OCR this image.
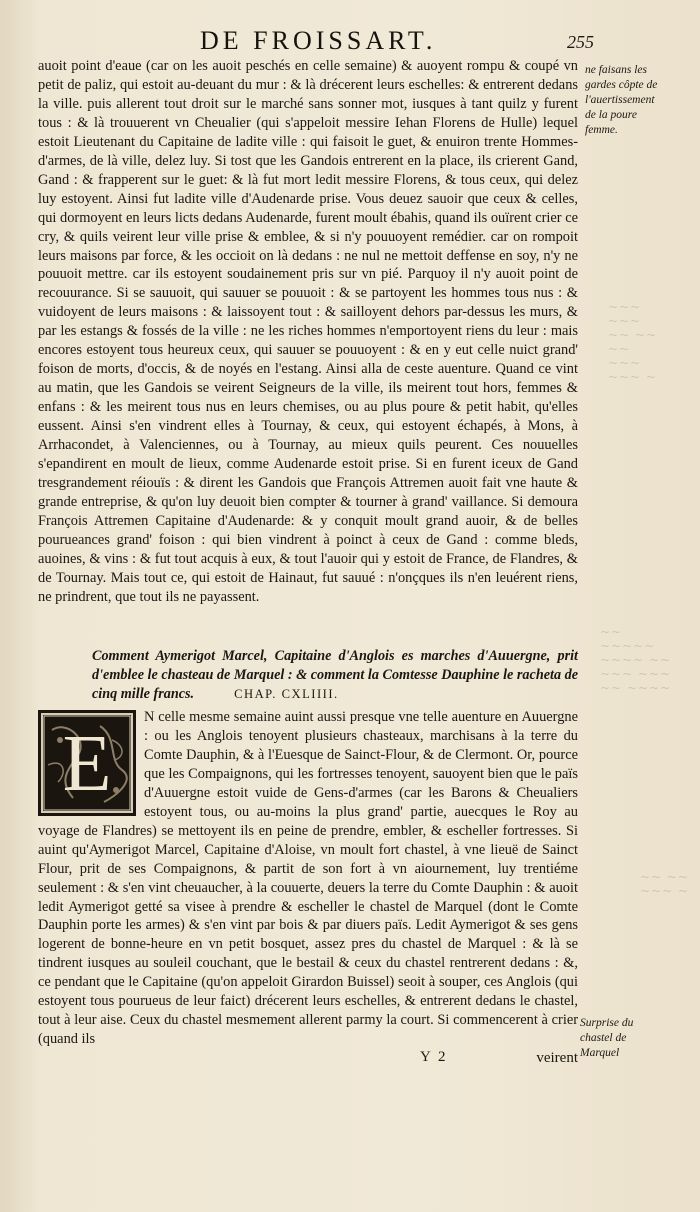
~~~ ~~~
~~ ~~ ~~
~~~ ~~~ ~
~~ ~~~~~
~~~~ ~~
~~~ ~~~
~~ ~~~~
~~ ~~
~~~ ~
DE FROISSART.	255

auoit point d'eaue (car on les auoit peschés en celle semaine) & auoyent rompu & coupé vn petit de paliz, qui estoit au-deuant du mur : & là drécerent leurs eschelles: & entrerent dedans la ville. puis allerent tout droit sur le marché sans sonner mot, iusques à tant quilz y furent tous : & là trouuerent vn Cheualier (qui s'appeloit messire Iehan Florens de Hulle) lequel estoit Lieutenant du Capitaine de ladite ville : qui faisoit le guet, & enuiron trente Hommes-d'armes, de là ville, delez luy. Si tost que les Gandois entrerent en la place, ils crierent Gand, Gand : & frapperent sur le guet: & là fut mort ledit messire Florens, & tous ceux, qui delez luy estoyent. Ainsi fut ladite ville d'Audenarde prise. Vous deuez sauoir que ceux & celles, qui dormoyent en leurs licts dedans Audenarde, furent moult ébahis, quand ils ouïrent crier ce cry, & quils veirent leur ville prise & emblee, & si n'y pouuoyent remédier. car on rompoit leurs maisons par force, & les occioit on là dedans : ne nul ne mettoit deffense en soy, n'y ne pouuoit mettre. car ils estoyent soudainement pris sur vn pié. Parquoy il n'y auoit point de recouurance. Si se sauuoit, qui sauuer se pouuoit : & se partoyent les hommes tous nus : & vuidoyent de leurs maisons : & laissoyent tout : & sailloyent dehors par-dessus les murs, & par les estangs & fossés de la ville : ne les riches hommes n'emportoyent riens du leur : mais encores estoyent tous heureux ceux, qui sauuer se pouuoyent : & en y eut celle nuict grand' foison de morts, d'occis, & de noyés en l'estang. Ainsi alla de ceste auenture. Quand ce vint au matin, que les Gandois se veirent Seigneurs de la ville, ils meirent tout hors, femmes & enfans : & les meirent tous nus en leurs chemises, ou au plus poure & petit habit, qu'elles eussent. Ainsi s'en vindrent elles à Tournay, & ceux, qui estoyent échapés, à Mons, à Arrhacondet, à Valenciennes, ou à Tournay, au mieux quils peurent. Ces nouuelles s'epandirent en moult de lieux, comme Audenarde estoit prise. Si en furent iceux de Gand tresgrandement réiouïs : & dirent les Gandois que François Attremen auoit fait vne haute & grande entreprise, & qu'on luy deuoit bien compter & tourner à grand' vaillance. Si demoura François Attremen Capitaine d'Audenarde: & y conquit moult grand auoir, & de belles pourueances grand' foison : qui bien vindrent à poinct à ceux de Gand : comme bleds, auoines, & vins : & fut tout acquis à eux, & tout l'auoir qui y estoit de France, de Flandres, & de Tournay. Mais tout ce, qui estoit de Hainaut, fut sauué : n'onçques ils n'en leuérent riens, ne prindrent, que tout ils ne payassent.

ne faisans les gardes côpte de l'auertissement de la poure femme.
Comment Aymerigot Marcel, Capitaine d'Anglois es marches d'Auuergne, prit d'emblee le chasteau de Marquel : & comment la Comtesse Dauphine le racheta de cinq mille francs.	CHAP. CXLIIII.
E

N celle mesme semaine auint aussi presque vne telle auenture en Auuergne : ou les Anglois tenoyent plusieurs chasteaux, marchisans à la terre du Comte Dauphin, & à l'Euesque de Sainct-Flour, & de Clermont. Or, pource que les Compaignons, qui les fortresses tenoyent, sauoyent bien que le païs d'Auuergne estoit vuide de Gens-d'armes (car les Barons & Cheualiers estoyent tous, ou au-moins la plus grand' partie, auecques le Roy au voyage de Flandres) se mettoyent ils en peine de prendre, embler, & escheller fortresses. Si auint qu'Aymerigot Marcel, Capitaine d'Aloise, vn moult fort chastel, à vne lieuë de Sainct Flour, prit de ses Compaignons, & partit de son fort à vn aiournement, luy trentiéme seulement : & s'en vint cheuaucher, à la couuerte, deuers la terre du Comte Dauphin : & auoit ledit Aymerigot getté sa visee à prendre & escheller le chastel de Marquel (dont le Comte Dauphin porte les armes) & s'en vint par bois & par diuers païs. Ledit Aymerigot & ses gens logerent de bonne-heure en vn petit bosquet, assez pres du chastel de Marquel : & là se tindrent iusques au souleil couchant, que le bestail & ceux du chastel rentrerent dedans : &, ce pendant que le Capitaine (qu'on appeloit Girardon Buissel) seoit à souper, ces Anglois (qui estoyent tous pourueus de leur faict) drécerent leurs eschelles, & entrerent dedans le chastel, tout à leur aise. Ceux du chastel mesmement allerent parmy la court. Si commencerent à crier (quand ils

Surprise du chastel de Marquel
Y 2	veirent
